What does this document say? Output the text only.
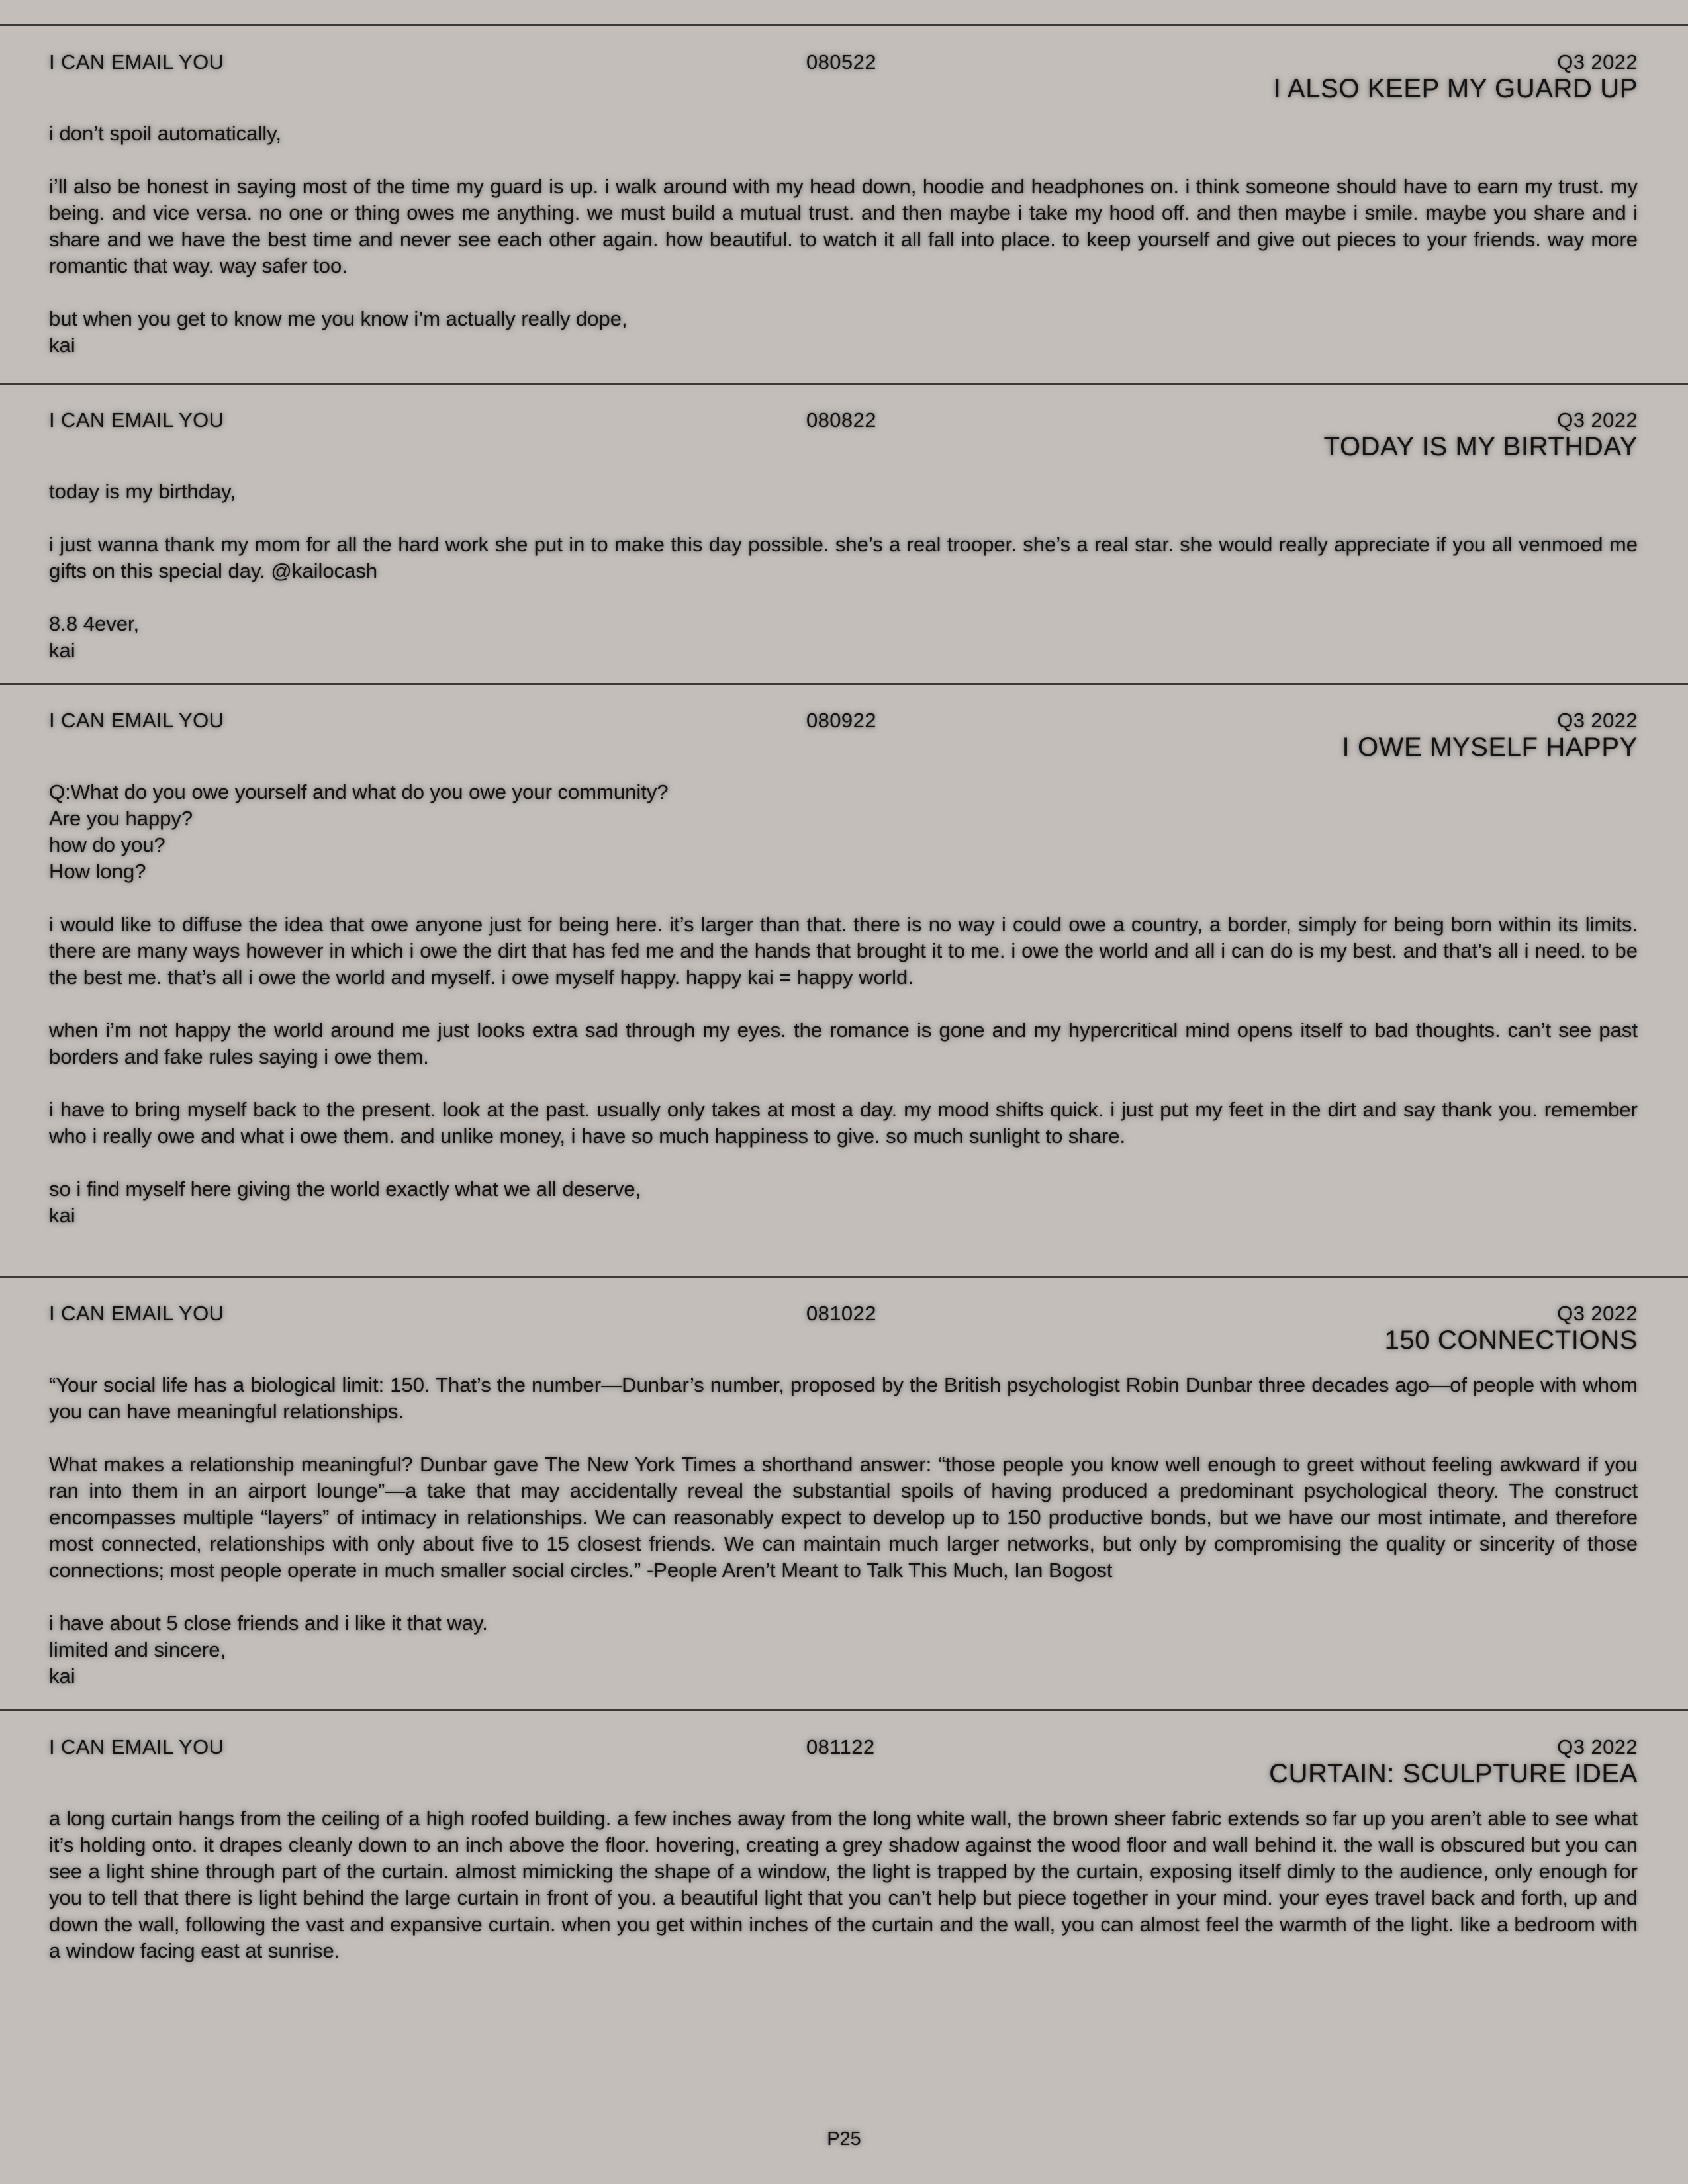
I CAN EMAIL YOU	080522	Q3 2022
I ALSO KEEP MY GUARD UP

i don’t spoil automatically,

i’ll also be honest in saying most of the time my guard is up. i walk around with my head down, hoodie and headphones on. i think someone should have to earn my trust. my being. and vice versa. no one or thing owes me anything. we must build a mutual trust. and then maybe i take my hood off. and then maybe i smile. maybe you share and i share and we have the best time and never see each other again. how beautiful. to watch it all fall into place. to keep yourself and give out pieces to your friends. way more romantic that way. way safer too.

but when you get to know me you know i’m actually really dope,
kai

I CAN EMAIL YOU	080822	Q3 2022
TODAY IS MY BIRTHDAY

today is my birthday,

i just wanna thank my mom for all the hard work she put in to make this day possible. she’s a real trooper. she’s a real star. she would really appreciate if you all venmoed me gifts on this special day. @kailocash

8.8 4ever,
kai

I CAN EMAIL YOU	080922	Q3 2022
I OWE MYSELF HAPPY

Q:What do you owe yourself and what do you owe your community?
Are you happy?
how do you?
How long?

i would like to diffuse the idea that owe anyone just for being here. it’s larger than that. there is no way i could owe a country, a border, simply for being born within its limits. there are many ways however in which i owe the dirt that has fed me and the hands that brought it to me. i owe the world and all i can do is my best. and that’s all i need. to be the best me. that’s all i owe the world and myself. i owe myself happy. happy kai = happy world.

when i’m not happy the world around me just looks extra sad through my eyes. the romance is gone and my hypercritical mind opens itself to bad thoughts. can’t see past borders and fake rules saying i owe them.

i have to bring myself back to the present. look at the past. usually only takes at most a day. my mood shifts quick. i just put my feet in the dirt and say thank you. remember who i really owe and what i owe them. and unlike money, i have so much happiness to give. so much sunlight to share.

so i find myself here giving the world exactly what we all deserve,
kai

I CAN EMAIL YOU	081022	Q3 2022
150 CONNECTIONS

“Your social life has a biological limit: 150. That’s the number—Dunbar’s number, proposed by the British psychologist Robin Dunbar three decades ago—of people with whom you can have meaningful relationships.

What makes a relationship meaningful? Dunbar gave The New York Times a shorthand answer: “those people you know well enough to greet without feeling awkward if you ran into them in an airport lounge”—a take that may accidentally reveal the substantial spoils of having produced a predominant psychological theory. The construct encompasses multiple “layers” of intimacy in relationships. We can reasonably expect to develop up to 150 productive bonds, but we have our most intimate, and therefore most connected, relationships with only about five to 15 closest friends. We can maintain much larger networks, but only by compromising the quality or sincerity of those connections; most people operate in much smaller social circles.” -People Aren’t Meant to Talk This Much, Ian Bogost

i have about 5 close friends and i like it that way.
limited and sincere,
kai

I CAN EMAIL YOU	081122	Q3 2022
CURTAIN: SCULPTURE IDEA

a long curtain hangs from the ceiling of a high roofed building. a few inches away from the long white wall, the brown sheer fabric extends so far up you aren’t able to see what it’s holding onto. it drapes cleanly down to an inch above the floor. hovering, creating a grey shadow against the wood floor and wall behind it. the wall is obscured but you can see a light shine through part of the curtain. almost mimicking the shape of a window, the light is trapped by the curtain, exposing itself dimly to the audience, only enough for you to tell that there is light behind the large curtain in front of you. a beautiful light that you can’t help but piece together in your mind. your eyes travel back and forth, up and down the wall, following the vast and expansive curtain. when you get within inches of the curtain and the wall, you can almost feel the warmth of the light. like a bedroom with a window facing east at sunrise.

P25
